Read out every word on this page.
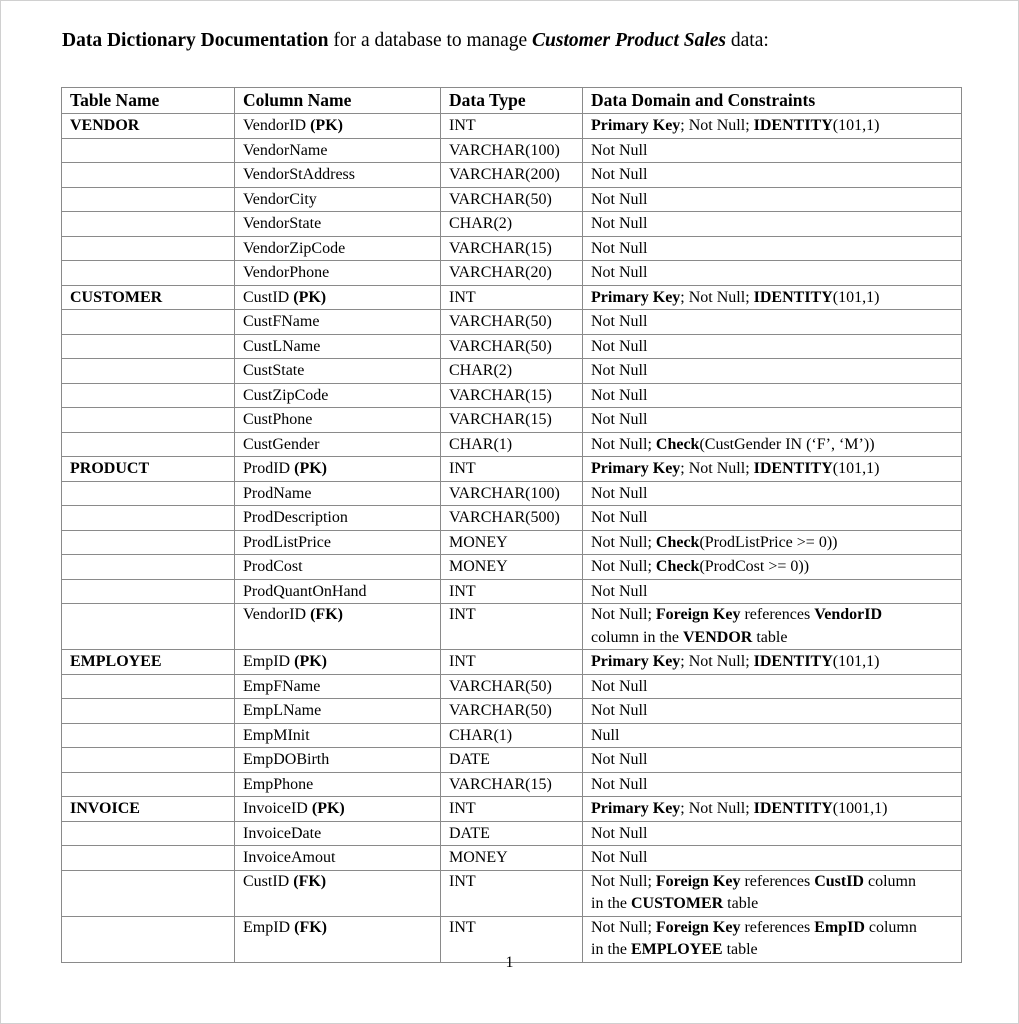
Data Dictionary Documentation for a database to manage Customer Product Sales data:
Table Name	Column Name	Data Type	Data Domain and Constraints
VENDOR	VendorID (PK)	INT	Primary Key; Not Null; IDENTITY(101,1)
	VendorName	VARCHAR(100)	Not Null
	VendorStAddress	VARCHAR(200)	Not Null
	VendorCity	VARCHAR(50)	Not Null
	VendorState	CHAR(2)	Not Null
	VendorZipCode	VARCHAR(15)	Not Null
	VendorPhone	VARCHAR(20)	Not Null
CUSTOMER	CustID (PK)	INT	Primary Key; Not Null; IDENTITY(101,1)
	CustFName	VARCHAR(50)	Not Null
	CustLName	VARCHAR(50)	Not Null
	CustState	CHAR(2)	Not Null
	CustZipCode	VARCHAR(15)	Not Null
	CustPhone	VARCHAR(15)	Not Null
	CustGender	CHAR(1)	Not Null; Check(CustGender IN (‘F’, ‘M’))
PRODUCT	ProdID (PK)	INT	Primary Key; Not Null; IDENTITY(101,1)
	ProdName	VARCHAR(100)	Not Null
	ProdDescription	VARCHAR(500)	Not Null
	ProdListPrice	MONEY	Not Null; Check(ProdListPrice >= 0))
	ProdCost	MONEY	Not Null; Check(ProdCost >= 0))
	ProdQuantOnHand	INT	Not Null
	VendorID (FK)	INT	Not Null; Foreign Key references VendorID
column in the VENDOR table
EMPLOYEE	EmpID (PK)	INT	Primary Key; Not Null; IDENTITY(101,1)
	EmpFName	VARCHAR(50)	Not Null
	EmpLName	VARCHAR(50)	Not Null
	EmpMInit	CHAR(1)	Null
	EmpDOBirth	DATE	Not Null
	EmpPhone	VARCHAR(15)	Not Null
INVOICE	InvoiceID (PK)	INT	Primary Key; Not Null; IDENTITY(1001,1)
	InvoiceDate	DATE	Not Null
	InvoiceAmout	MONEY	Not Null
	CustID (FK)	INT	Not Null; Foreign Key references CustID column
in the CUSTOMER table
	EmpID (FK)	INT	Not Null; Foreign Key references EmpID column
in the EMPLOYEE table
1
